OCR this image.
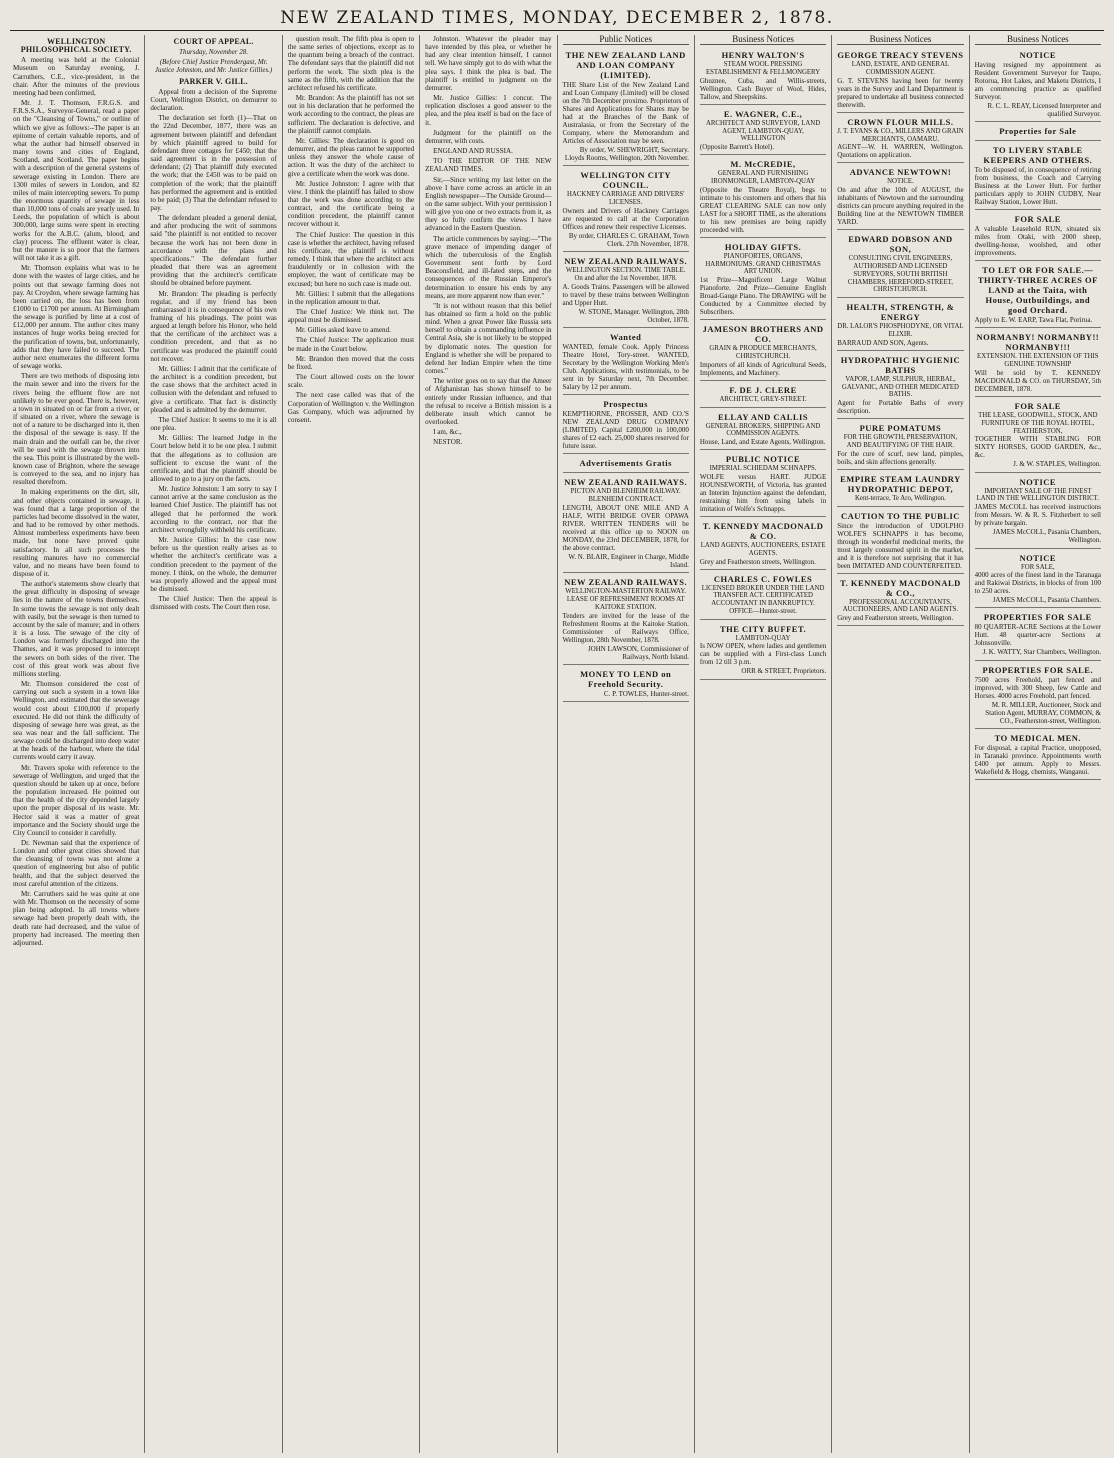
NEW ZEALAND TIMES, MONDAY, DECEMBER 2, 1878.
WELLINGTON PHILOSOPHICAL SOCIETY.

A meeting was held at the Colonial Museum on Saturday evening, J. Carruthers, C.E., vice-president, in the chair. After the minutes of the previous meeting had been confirmed,

Mr. J. T. Thomson, F.R.G.S. and F.R.S.S.A., Surveyor-General, read a paper on the "Cleansing of Towns," or outline of which we give as follows:--The paper is an epitome of certain valuable reports, and of what the author had himself observed in many towns and cities of England, Scotland, and Scotland. The paper begins with a description of the general systems of sewerage existing in London. There are 1300 miles of sewers in London, and 82 miles of main intercepting sewers. To pump the enormous quantity of sewage in less than 10,000 tons of coals are yearly used. In Leeds, the population of which is about 300,000, large sums were spent in erecting works for the A.B.C. (alum, blood, and clay) process. The effluent water is clear, but the manure is so poor that the farmers will not take it as a gift.

Mr. Thomson explains what was to be done with the wastes of large cities, and he points out that sewage farming does not pay. At Croydon, where sewage farming has been carried on, the loss has been from £1000 to £1700 per annum. At Birmingham the sewage is purified by lime at a cost of £12,000 per annum. The author cites many instances of huge works being erected for the purification of towns, but, unfortunately, adds that they have failed to succeed. The author next enumerates the different forms of sewage works.

There are two methods of disposing into the main sewer and into the rivers for the rivers being the effluent flow are not unlikely to be ever good. There is, however, a town in situated on or far from a river, or if situated on a river, where the sewage is not of a nature to be discharged into it, then the disposal of the sewage is easy. If the main drain and the outfall can be, the river will be used with the sewage thrown into the sea. This point is illustrated by the well-known case of Brighton, where the sewage is conveyed to the sea, and no injury has resulted therefrom.

In making experiments on the dirt, silt, and other objects contained in sewage, it was found that a large proportion of the particles had become dissolved in the water, and had to be removed by other methods. Almost numberless experiments have been made, but none have proved quite satisfactory. In all such processes the resulting manures have no commercial value, and no means have been found to dispose of it.

The author's statements show clearly that the great difficulty in disposing of sewage lies in the nature of the towns themselves. In some towns the sewage is not only dealt with easily, but the sewage is then turned to account by the sale of manure; and in others it is a loss. The sewage of the city of London was formerly discharged into the Thames, and it was proposed to intercept the sewers on both sides of the river. The cost of this great work was about five millions sterling.

Mr. Thomson considered the cost of carrying out such a system in a town like Wellington, and estimated that the sewerage would cost about £100,000 if properly executed. He did not think the difficulty of disposing of sewage here was great, as the sea was near and the fall sufficient. The sewage could be discharged into deep water at the heads of the harbour, where the tidal currents would carry it away.

Mr. Travers spoke with reference to the sewerage of Wellington, and urged that the question should be taken up at once, before the population increased. He pointed out that the health of the city depended largely upon the proper disposal of its waste. Mr. Hector said it was a matter of great importance and the Society should urge the City Council to consider it carefully.

Dr. Newman said that the experience of London and other great cities showed that the cleansing of towns was not alone a question of engineering but also of public health, and that the subject deserved the most careful attention of the citizens.

Mr. Carruthers said he was quite at one with Mr. Thomson on the necessity of some plan being adopted. In all towns where sewage had been properly dealt with, the death rate had decreased, and the value of property had increased. The meeting then adjourned.

COURT OF APPEAL.
Thursday, November 28.
(Before Chief Justice Prendergast, Mr. Justice Johnston, and Mr. Justice Gillies.)
PARKER V. GILL.

Appeal from a decision of the Supreme Court, Wellington District, on demurrer to declaration.

The declaration set forth (1)—That on the 22nd December, 1877, there was an agreement between plaintiff and defendant by which plaintiff agreed to build for defendant three cottages for £450; that the said agreement is in the possession of defendant; (2) That plaintiff duly executed the work; that the £450 was to be paid on completion of the work; that the plaintiff has performed the agreement and is entitled to be paid; (3) That the defendant refused to pay.

The defendant pleaded a general denial, and after producing the writ of summons said "the plaintiff is not entitled to recover because the work has not been done in accordance with the plans and specifications." The defendant further pleaded that there was an agreement providing that the architect's certificate should be obtained before payment.

Mr. Brandon: The pleading is perfectly regular, and if my friend has been embarrassed it is in consequence of his own framing of his pleadings. The point was argued at length before his Honor, who held that the certificate of the architect was a condition precedent, and that as no certificate was produced the plaintiff could not recover.

Mr. Gillies: I admit that the certificate of the architect is a condition precedent, but the case shows that the architect acted in collusion with the defendant and refused to give a certificate. That fact is distinctly pleaded and is admitted by the demurrer.

The Chief Justice: It seems to me it is all one plea.

Mr. Gillies: The learned Judge in the Court below held it to be one plea. I submit that the allegations as to collusion are sufficient to excuse the want of the certificate, and that the plaintiff should be allowed to go to a jury on the facts.

Mr. Justice Johnston: I am sorry to say I cannot arrive at the same conclusion as the learned Chief Justice. The plaintiff has not alleged that he performed the work according to the contract, nor that the architect wrongfully withheld his certificate.

Mr. Justice Gillies: In the case now before us the question really arises as to whether the architect's certificate was a condition precedent to the payment of the money. I think, on the whole, the demurrer was properly allowed and the appeal must be dismissed.

The Chief Justice: Then the appeal is dismissed with costs. The Court then rose.

question result. The fifth plea is open to the same series of objections, except as to the quantum being a breach of the contract. The defendant says that the plaintiff did not perform the work. The sixth plea is the same as the fifth, with the addition that the architect refused his certificate.

Mr. Brandon: As the plaintiff has not set out in his declaration that he performed the work according to the contract, the pleas are sufficient. The declaration is defective, and the plaintiff cannot complain.

Mr. Gillies: The declaration is good on demurrer, and the pleas cannot be supported unless they answer the whole cause of action. It was the duty of the architect to give a certificate when the work was done.

Mr. Justice Johnston: I agree with that view. I think the plaintiff has failed to show that the work was done according to the contract, and the certificate being a condition precedent, the plaintiff cannot recover without it.

The Chief Justice: The question in this case is whether the architect, having refused his certificate, the plaintiff is without remedy. I think that where the architect acts fraudulently or in collusion with the employer, the want of certificate may be excused; but here no such case is made out.

Mr. Gillies: I submit that the allegations in the replication amount to that.

The Chief Justice: We think not. The appeal must be dismissed.

Mr. Gillies asked leave to amend.

The Chief Justice: The application must be made in the Court below.

Mr. Brandon then moved that the costs be fixed.

The Court allowed costs on the lower scale.

The next case called was that of the Corporation of Wellington v. the Wellington Gas Company, which was adjourned by consent.

Johnston. Whatever the pleader may have intended by this plea, or whether he had any clear intention himself, I cannot tell. We have simply got to do with what the plea says. I think the plea is bad. The plaintiff is entitled to judgment on the demurrer.

Mr. Justice Gillies: I concur. The replication discloses a good answer to the plea, and the plea itself is bad on the face of it.

Judgment for the plaintiff on the demurrer, with costs.

ENGLAND AND RUSSIA.

TO THE EDITOR OF THE NEW ZEALAND TIMES.

Sir,—Since writing my last letter on the above I have come across an article in an English newspaper—The Outside Ground—on the same subject. With your permission I will give you one or two extracts from it, as they so fully confirm the views I have advanced in the Eastern Question.

The article commences by saying:—"The grave menace of impending danger of which the tuberculosis of the English Government sent forth by Lord Beaconsfield, and ill-fated steps, and the consequences of the Russian Emperor's determination to ensure his ends by any means, are more apparent now than ever."

"It is not without reason that this belief has obtained so firm a hold on the public mind. When a great Power like Russia sets herself to obtain a commanding influence in Central Asia, she is not likely to be stopped by diplomatic notes. The question for England is whether she will be prepared to defend her Indian Empire when the time comes."

The writer goes on to say that the Ameer of Afghanistan has shown himself to be entirely under Russian influence, and that the refusal to receive a British mission is a deliberate insult which cannot be overlooked.

I am, &c.,

NESTOR.

Public Notices
THE NEW ZEALAND LAND AND LOAN COMPANY (LIMITED).
THE Share List of the New Zealand Land and Loan Company (Limited) will be closed on the 7th December proximo. Proprietors of Shares and Applications for Shares may be had at the Branches of the Bank of Australasia, or from the Secretary of the Company, where the Memorandum and Articles of Association may be seen.
By order, W. SHEWRIGHT, Secretary. Lloyds Rooms, Wellington, 20th November.
WELLINGTON CITY COUNCIL.
HACKNEY CARRIAGE AND DRIVERS' LICENSES.
Owners and Drivers of Hackney Carriages are requested to call at the Corporation Offices and renew their respective Licenses.
By order, CHARLES C. GRAHAM, Town Clerk. 27th November, 1878.
NEW ZEALAND RAILWAYS.
WELLINGTON SECTION. TIME TABLE. On and after the 1st November, 1878.
A. Goods Trains. Passengers will be allowed to travel by these trains between Wellington and Upper Hutt.
W. STONE, Manager. Wellington, 28th October, 1878.
Wanted
WANTED, female Cook. Apply Princess Theatre Hotel, Tory-street. WANTED, Secretary by the Wellington Working Men's Club. Applications, with testimonials, to be sent in by Saturday next, 7th December. Salary by 12 per annum.
Prospectus
KEMPTHORNE, PROSSER, AND CO.'S NEW ZEALAND DRUG COMPANY (LIMITED). Capital £200,000 in 100,000 shares of £2 each. 25,000 shares reserved for future issue.
Advertisements Gratis
NEW ZEALAND RAILWAYS.
PICTON AND BLENHEIM RAILWAY. BLENHEIM CONTRACT.
LENGTH, ABOUT ONE MILE AND A HALF, WITH BRIDGE OVER OPAWA RIVER. WRITTEN TENDERS will be received at this office up to NOON on MONDAY, the 23rd DECEMBER, 1878, for the above contract.
W. N. BLAIR, Engineer in Charge, Middle Island.
NEW ZEALAND RAILWAYS.
WELLINGTON-MASTERTON RAILWAY. LEASE OF REFRESHMENT ROOMS AT KAITOKE STATION.
Tenders are invited for the lease of the Refreshment Rooms at the Kaitoke Station. Commissioner of Railways Office, Wellington, 28th November, 1878.
JOHN LAWSON, Commissioner of Railways, North Island.
MONEY TO LEND on Freehold Security.
C. P. TOWLES, Hunter-street.
Business Notices
HENRY WALTON'S
STEAM WOOL PRESSING ESTABLISHMENT & FELLMONGERY
Ghuznee, Cuba, and Willis-streets, Wellington. Cash Buyer of Wool, Hides, Tallow, and Sheepskins.
E. WAGNER, C.E.,
ARCHITECT AND SURVEYOR, LAND AGENT, LAMBTON-QUAY, WELLINGTON
(Opposite Barrett's Hotel).
M. McCREDIE,
GENERAL AND FURNISHING IRONMONGER, LAMBTON-QUAY
(Opposite the Theatre Royal), begs to intimate to his customers and others that his GREAT CLEARING SALE can now only LAST for a SHORT TIME, as the alterations to his new premises are being rapidly proceeded with.
HOLIDAY GIFTS.
PIANOFORTES, ORGANS, HARMONIUMS. GRAND CHRISTMAS ART UNION.
1st Prize—Magnificent Large Walnut Pianoforte. 2nd Prize—Genuine English Broad-Gauge Piano. The DRAWING will be Conducted by a Committee elected by Subscribers.
JAMESON BROTHERS AND CO.
GRAIN & PRODUCE MERCHANTS, CHRISTCHURCH.
Importers of all kinds of Agricultural Seeds, Implements, and Machinery.
F. DE J. CLERE
ARCHITECT, GREY-STREET.
ELLAY AND CALLIS
GENERAL BROKERS, SHIPPING AND COMMISSION AGENTS.
House, Land, and Estate Agents, Wellington.
PUBLIC NOTICE
IMPERIAL SCHIEDAM SCHNAPPS.
WOLFE versus HART. JUDGE HOUNSEWORTH, of Victoria, has granted an Interim Injunction against the defendant, restraining him from using labels in imitation of Wolfe's Schnapps.
T. KENNEDY MACDONALD & CO.
LAND AGENTS, AUCTIONEERS, ESTATE AGENTS.
Grey and Featherston streets, Wellington.
CHARLES C. FOWLES
LICENSED BROKER UNDER THE LAND TRANSFER ACT. CERTIFICATED ACCOUNTANT IN BANKRUPTCY. OFFICE—Hunter-street.
THE CITY BUFFET.
LAMBTON-QUAY
Is NOW OPEN, where ladies and gentlemen can be supplied with a First-class Lunch from 12 till 3 p.m.
ORR & STREET, Proprietors.
Business Notices
GEORGE TREACY STEVENS
LAND, ESTATE, AND GENERAL COMMISSION AGENT.
G. T. STEVENS having been for twenty years in the Survey and Land Department is prepared to undertake all business connected therewith.
CROWN FLOUR MILLS.
J. T. EVANS & CO., MILLERS AND GRAIN MERCHANTS, OAMARU.
AGENT—W. H. WARREN, Wellington. Quotations on application.
ADVANCE NEWTOWN!
NOTICE.
On and after the 10th of AUGUST, the inhabitants of Newtown and the surrounding districts can procure anything required in the Building line at the NEWTOWN TIMBER YARD.
EDWARD DOBSON AND SON,
CONSULTING CIVIL ENGINEERS, AUTHORISED AND LICENSED SURVEYORS, SOUTH BRITISH CHAMBERS, HEREFORD-STREET, CHRISTCHURCH.
HEALTH, STRENGTH, & ENERGY
DR. LALOR'S PHOSPHODYNE, OR VITAL ELIXIR.
BARRAUD AND SON, Agents.
HYDROPATHIC HYGIENIC BATHS
VAPOR, LAMP, SULPHUR, HERBAL, GALVANIC, AND OTHER MEDICATED BATHS.
Agent for Portable Baths of every description.
PURE POMATUMS
FOR THE GROWTH, PRESERVATION, AND BEAUTIFYING OF THE HAIR.
For the cure of scurf, new land, pimples, boils, and skin affections generally.
EMPIRE STEAM LAUNDRY HYDROPATHIC DEPOT,
Kent-terrace, Te Aro, Wellington.
CAUTION TO THE PUBLIC
Since the introduction of UDOLPHO WOLFE'S SCHNAPPS it has become, through its wonderful medicinal merits, the most largely consumed spirit in the market, and it is therefore not surprising that it has been IMITATED AND COUNTERFEITED.
T. KENNEDY MACDONALD & CO.,
PROFESSIONAL ACCOUNTANTS, AUCTIONEERS, AND LAND AGENTS.
Grey and Featherston streets, Wellington.
Business Notices
NOTICE
Having resigned my appointment as Resident Government Surveyor for Taupo, Rotorua, Hot Lakes, and Maketu Districts, I am commencing practice as qualified Surveyor.
R. C. L. REAY, Licensed Interpreter and qualified Surveyor.
Properties for Sale
TO LIVERY STABLE KEEPERS AND OTHERS.
To be disposed of, in consequence of retiring from business, the Coach and Carrying Business at the Lower Hutt. For further particulars apply to JOHN CUDBY, Near Railway Station, Lower Hutt.
FOR SALE
A valuable Leasehold RUN, situated six miles from Otaki, with 2000 sheep, dwelling-house, woolshed, and other improvements.
TO LET OR FOR SALE.—THIRTY-THREE ACRES OF LAND at the Taita, with House, Outbuildings, and good Orchard.
Apply to E. W. EARP, Tawa Flat, Porirua.
NORMANBY! NORMANBY!! NORMANBY!!!
EXTENSION. THE EXTENSION OF THIS GENUINE TOWNSHIP
Will be sold by T. KENNEDY MACDONALD & CO. on THURSDAY, 5th DECEMBER, 1878.
FOR SALE
THE LEASE, GOODWILL, STOCK, AND FURNITURE OF THE ROYAL HOTEL, FEATHERSTON,
TOGETHER WITH STABLING FOR SIXTY HORSES, GOOD GARDEN, &c., &c.
J. & W. STAPLES, Wellington.
NOTICE
IMPORTANT SALE OF THE FINEST LAND IN THE WELLINGTON DISTRICT.
JAMES McCOLL has received instructions from Messrs. W. & R. S. Fitzherbert to sell by private bargain.
JAMES McCOLL, Pasania Chambers, Wellington.
NOTICE
FOR SALE,
4000 acres of the finest land in the Taranaga and Rakiwai Districts, in blocks of from 100 to 250 acres.
JAMES McCOLL, Pasania Chambers.
PROPERTIES FOR SALE
80 QUARTER-ACRE Sections at the Lower Hutt. 48 quarter-acre Sections at Johnsonville.
J. K. WATTY, Star Chambers, Wellington.
PROPERTIES FOR SALE.
7500 acres Freehold, part fenced and improved, with 300 Sheep, few Cattle and Horses. 4000 acres Freehold, part fenced.
M. R. MILLER, Auctioneer, Stock and Station Agent, MURRAY, COMMON, & CO., Featherston-street, Wellington.
TO MEDICAL MEN.
For disposal, a capital Practice, unopposed, in Taranaki province. Appointments worth £400 per annum. Apply to Messrs. Wakefield & Hogg, chemists, Wanganui.
